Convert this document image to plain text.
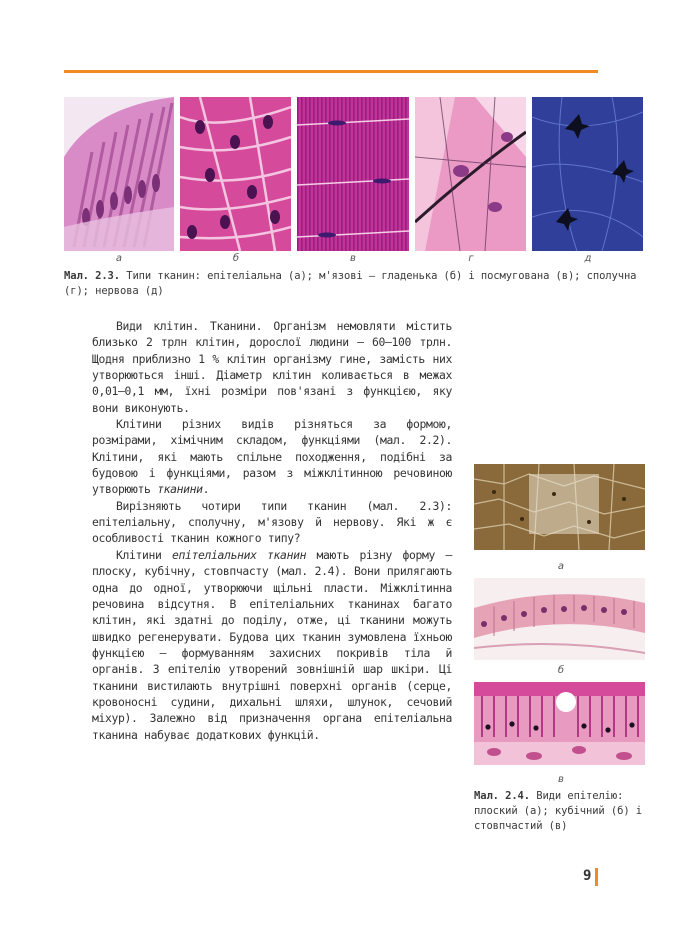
а	б	в	г	д
Мал. 2.3. Типи тканин: епітеліальна (а); м'язові — гладенька (б) і посмугована (в); сполучна (г); нервова (д)

Види клітин. Тканини. Організм немовляти містить близько 2 трлн клітин, дорослої людини — 60–100 трлн. Щодня приблизно 1 % клітин організму гине, замість них утворюються інші. Діаметр клітин коливається в межах 0,01–0,1 мм, їхні розміри пов'язані з функцією, яку вони виконують.

Клітини різних видів різняться за формою, розмірами, хімічним складом, функціями (мал. 2.2). Клітини, які мають спільне походження, подібні за будовою і функціями, разом з міжклітинною речовиною утворюють тканини.

Вирізняють чотири типи тканин (мал. 2.3): епітеліальну, сполучну, м'язову й нервову. Які ж є особливості тканин кожного типу?

Клітини епітеліальних тканин мають різну форму — плоску, кубічну, стовпчасту (мал. 2.4). Вони прилягають одна до одної, утворюючи щільні пласти. Міжклітинна речовина відсутня. В епітеліальних тканинах багато клітин, які здатні до поділу, отже, ці тканини можуть швидко регенерувати. Будова цих тканин зумовлена їхньою функцією — формуванням захисних покривів тіла й органів. З епітелію утворений зовнішній шар шкіри. Ці тканини вистилають внутрішні поверхні органів (серце, кровоносні судини, дихальні шляхи, шлунок, сечовий міхур). Залежно від призначення органа епітеліальна тканина набуває додаткових функцій.

а
б
в
Мал. 2.4. Види епітелію: плоский (а); кубічний (б) і стовпчастий (в)
9
